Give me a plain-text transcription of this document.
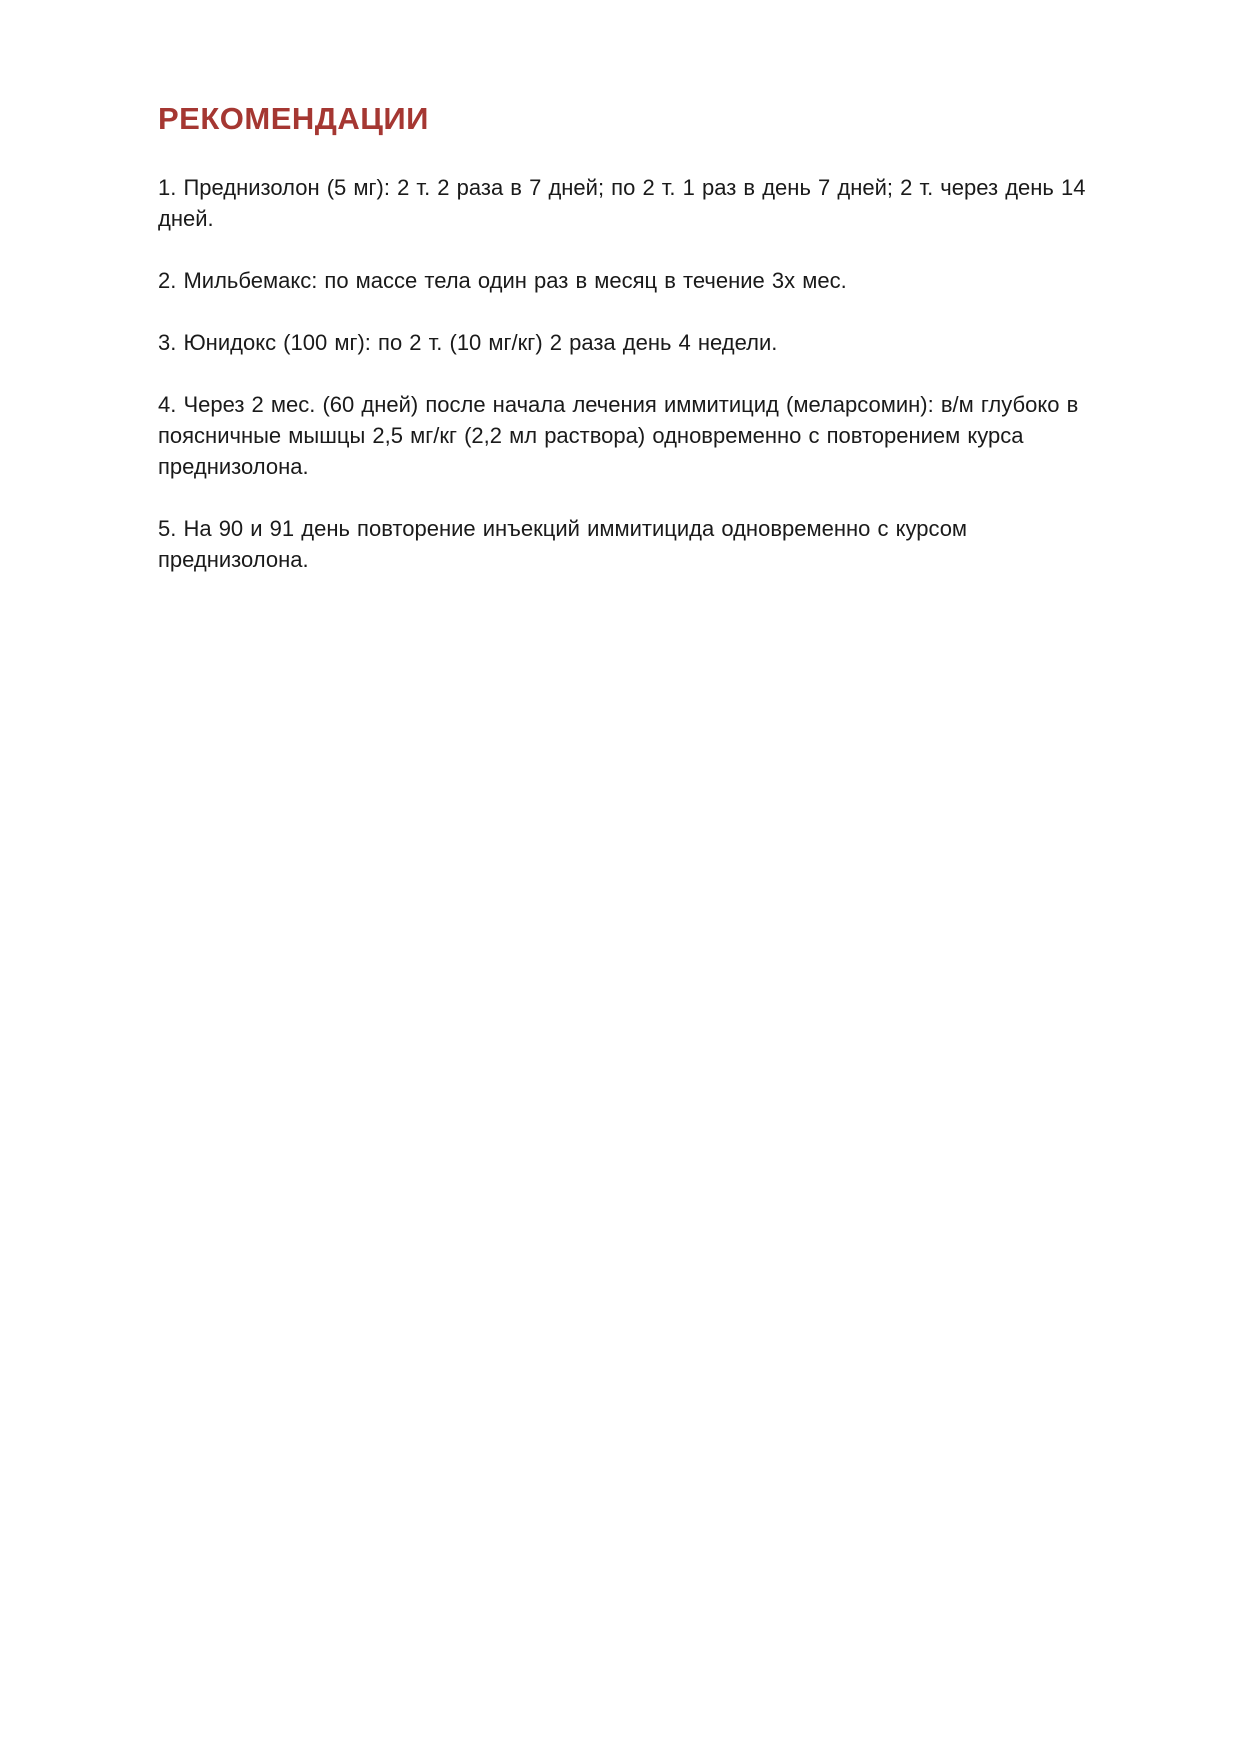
РЕКОМЕНДАЦИИ

1. Преднизолон (5 мг): 2 т. 2 раза в 7 дней; по 2 т. 1 раз в день 7 дней; 2 т. через день 14 дней.

2. Мильбемакс: по массе тела один раз в месяц в течение 3х мес.

3. Юнидокс (100 мг): по 2 т. (10 мг/кг) 2 раза день 4 недели.

4. Через 2 мес. (60 дней) после начала лечения иммитицид (меларсомин): в/м глубоко в поясничные мышцы 2,5 мг/кг (2,2 мл раствора) одновременно с повторением курса преднизолона.

5. На 90 и 91 день повторение инъекций иммитицида одновременно с курсом преднизолона.
